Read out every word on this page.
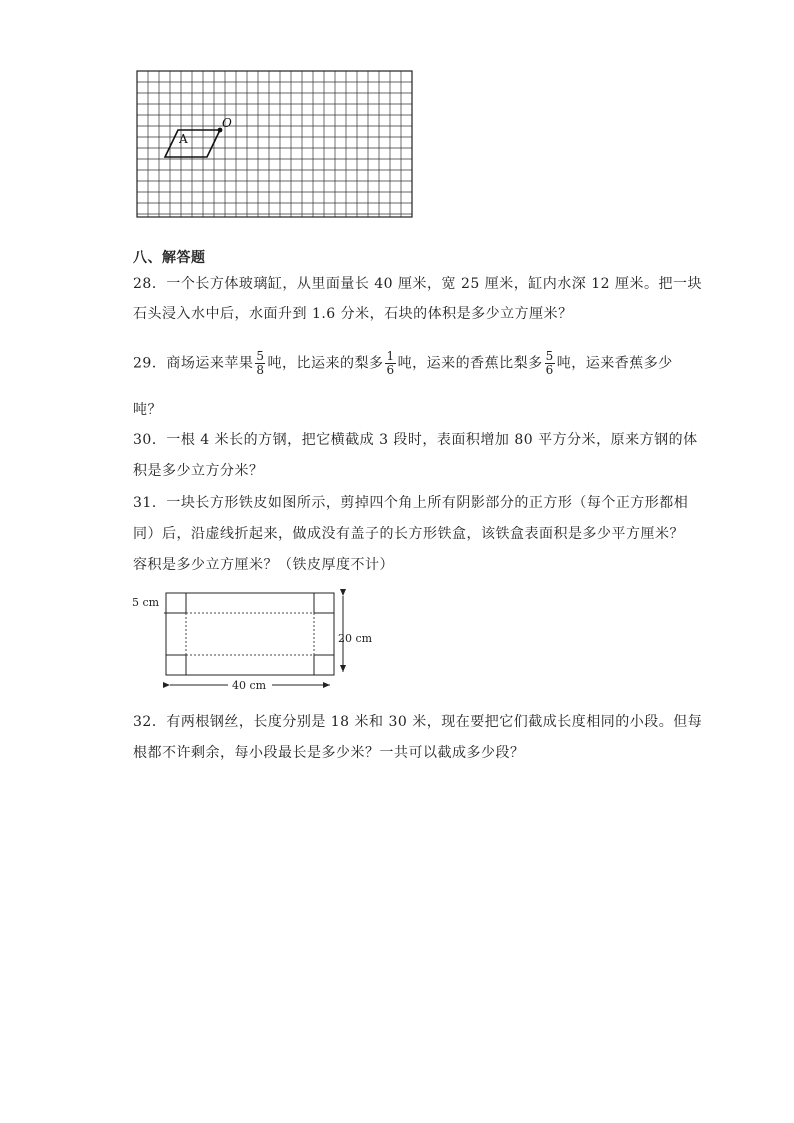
A
O
八、解答题
28．一个长方体玻璃缸，从里面量长 40 厘米，宽 25 厘米，缸内水深 12 厘米。把一块
石头浸入水中后，水面升到 1.6 分米，石块的体积是多少立方厘米？
29．商场运来苹果 $\frac{5}{8}$ 吨，比运来的梨多 $\frac{1}{6}$ 吨，运来的香蕉比梨多 $\frac{5}{6}$ 吨，运来香蕉多少
吨？
30．一根 4 米长的方钢，把它横截成 3 段时，表面积增加 80 平方分米，原来方钢的体
积是多少立方分米？
31．一块长方形铁皮如图所示，剪掉四个角上所有阴影部分的正方形（每个正方形都相
同）后，沿虚线折起来，做成没有盖子的长方形铁盒，该铁盒表面积是多少平方厘米？
容积是多少立方厘米？（铁皮厚度不计）
5 cm
20 cm
40 cm
32．有两根钢丝，长度分别是 18 米和 30 米，现在要把它们截成长度相同的小段。但每
根都不许剩余，每小段最长是多少米？一共可以截成多少段？
